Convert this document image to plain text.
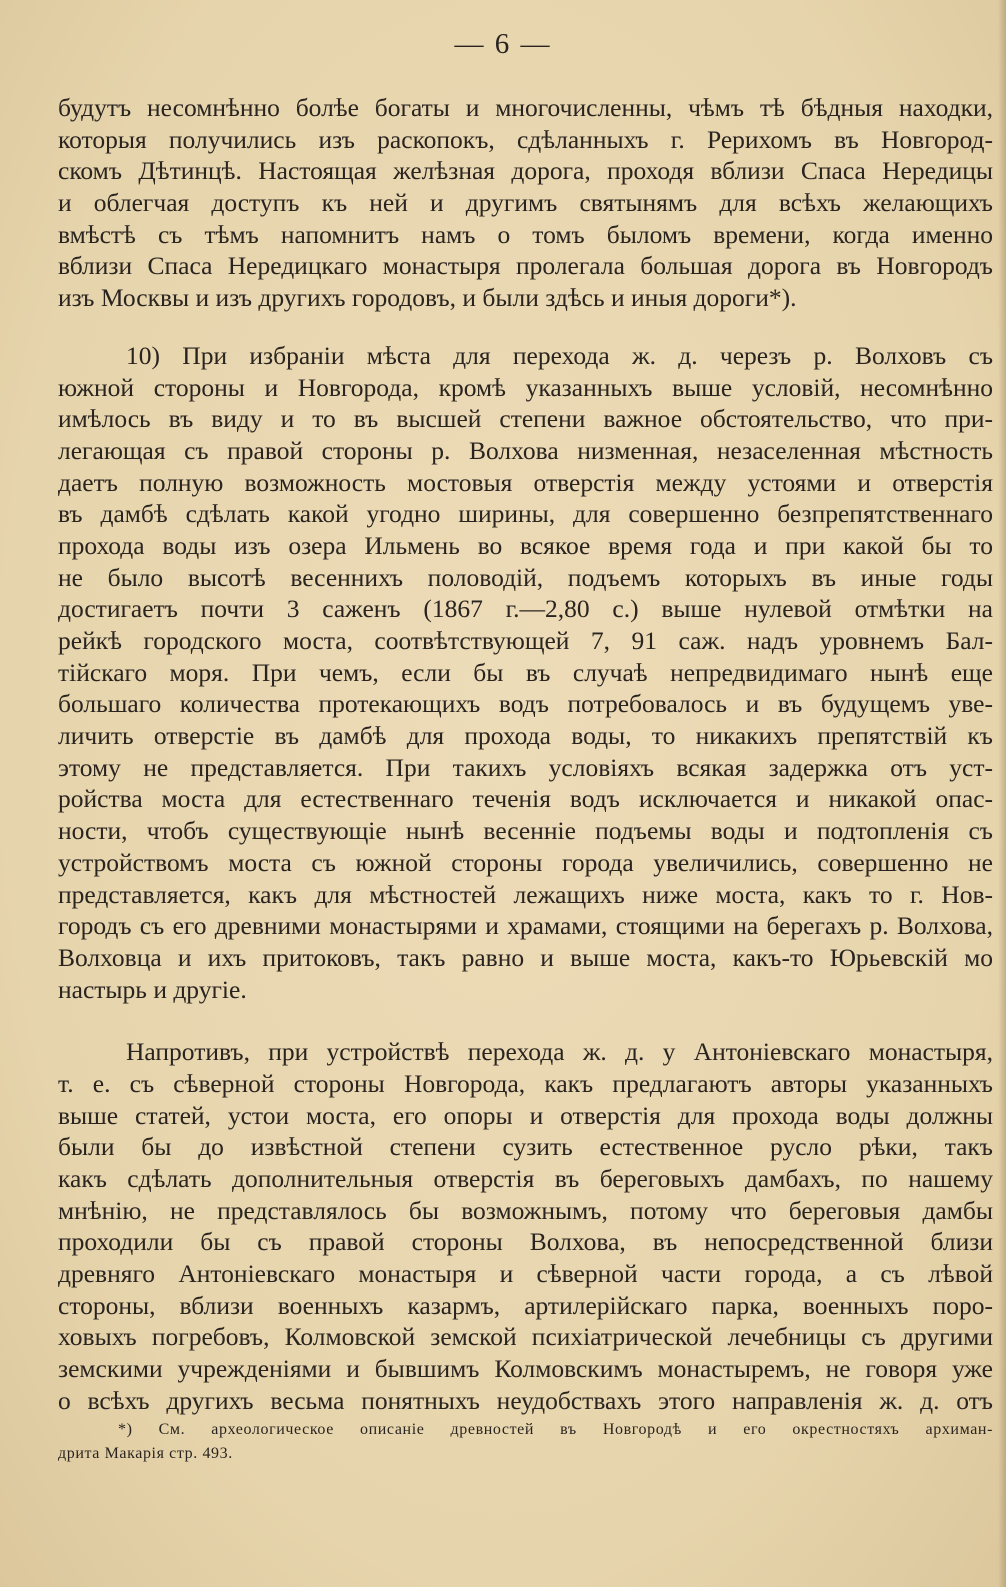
— 6 —
будутъ несомнѣнно болѣе богаты и многочисленны, чѣмъ тѣ бѣдныя находки,
которыя получились изъ раскопокъ, сдѣланныхъ г. Рерихомъ въ Новгород-
скомъ Дѣтинцѣ. Настоящая желѣзная дорога, проходя вблизи Спаса Нередицы
и облегчая доступъ къ ней и другимъ святынямъ для всѣхъ желающихъ
вмѣстѣ съ тѣмъ напомнитъ намъ о томъ быломъ времени, когда именно
вблизи Спаса Нередицкаго монастыря пролегала большая дорога въ Новгородъ
изъ Москвы и изъ другихъ городовъ, и были здѣсь и иныя дороги*).
10) При избраніи мѣста для перехода ж. д. черезъ р. Волховъ съ
южной стороны и Новгорода, кромѣ указанныхъ выше условій, несомнѣнно
имѣлось въ виду и то въ высшей степени важное обстоятельство, что при-
легающая съ правой стороны р. Волхова низменная, незаселенная мѣстность
даетъ полную возможность мостовыя отверстія между устоями и отверстія
въ дамбѣ сдѣлать какой угодно ширины, для совершенно безпрепятственнаго
прохода воды изъ озера Ильмень во всякое время года и при какой бы то
не было высотѣ весеннихъ половодій, подъемъ которыхъ въ иные годы
достигаетъ почти 3 саженъ (1867 г.—2,80 с.) выше нулевой отмѣтки на
рейкѣ городского моста, соотвѣтствующей 7, 91 саж. надъ уровнемъ Бал-
тійскаго моря. При чемъ, если бы въ случаѣ непредвидимаго нынѣ еще
большаго количества протекающихъ водъ потребовалось и въ будущемъ уве-
личить отверстіе въ дамбѣ для прохода воды, то никакихъ препятствій къ
этому не представляется. При такихъ условіяхъ всякая задержка отъ уст-
ройства моста для естественнаго теченія водъ исключается и никакой опас-
ности, чтобъ существующіе нынѣ весенніе подъемы воды и подтопленія съ
устройствомъ моста съ южной стороны города увеличились, совершенно не
представляется, какъ для мѣстностей лежащихъ ниже моста, какъ то г. Нов-
городъ съ его древними монастырями и храмами, стоящими на берегахъ р. Волхова,
Волховца и ихъ притоковъ, такъ равно и выше моста, какъ-то Юрьевскій мо
настырь и другіе.
Напротивъ, при устройствѣ перехода ж. д. у Антоніевскаго монастыря,
т. е. съ сѣверной стороны Новгорода, какъ предлагаютъ авторы указанныхъ
выше статей, устои моста, его опоры и отверстія для прохода воды должны
были бы до извѣстной степени сузить естественное русло рѣки, такъ
какъ сдѣлать дополнительныя отверстія въ береговыхъ дамбахъ, по нашему
мнѣнію, не представлялось бы возможнымъ, потому что береговыя дамбы
проходили бы съ правой стороны Волхова, въ непосредственной близи
древняго Антоніевскаго монастыря и сѣверной части города, а съ лѣвой
стороны, вблизи военныхъ казармъ, артилерійскаго парка, военныхъ поро-
ховыхъ погребовъ, Колмовской земской психіатрической лечебницы съ другими
земскими учрежденіями и бывшимъ Колмовскимъ монастыремъ, не говоря уже
о всѣхъ другихъ весьма понятныхъ неудобствахъ этого направленія ж. д. отъ
*) См. археологическое описаніе древностей въ Новгородѣ и его окрестностяхъ архиман-
дрита Макарія стр. 493.
